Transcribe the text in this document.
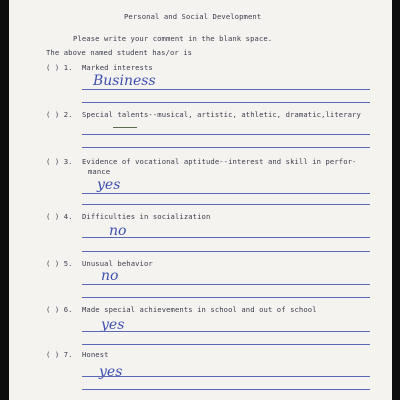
Personal and Social Development
Please write your comment in the blank space.
The above named student has/or is
( ) 1. Marked interests
Business
( ) 2. Special talents--musical, artistic, athletic, dramatic,literary
( ) 3. Evidence of vocational aptitude--interest and skill in perfor-
mance
yes
( ) 4. Difficulties in socialization
no
( ) 5. Unusual behavior
no
( ) 6. Made special achievements in school and out of school
yes
( ) 7. Honest
yes
